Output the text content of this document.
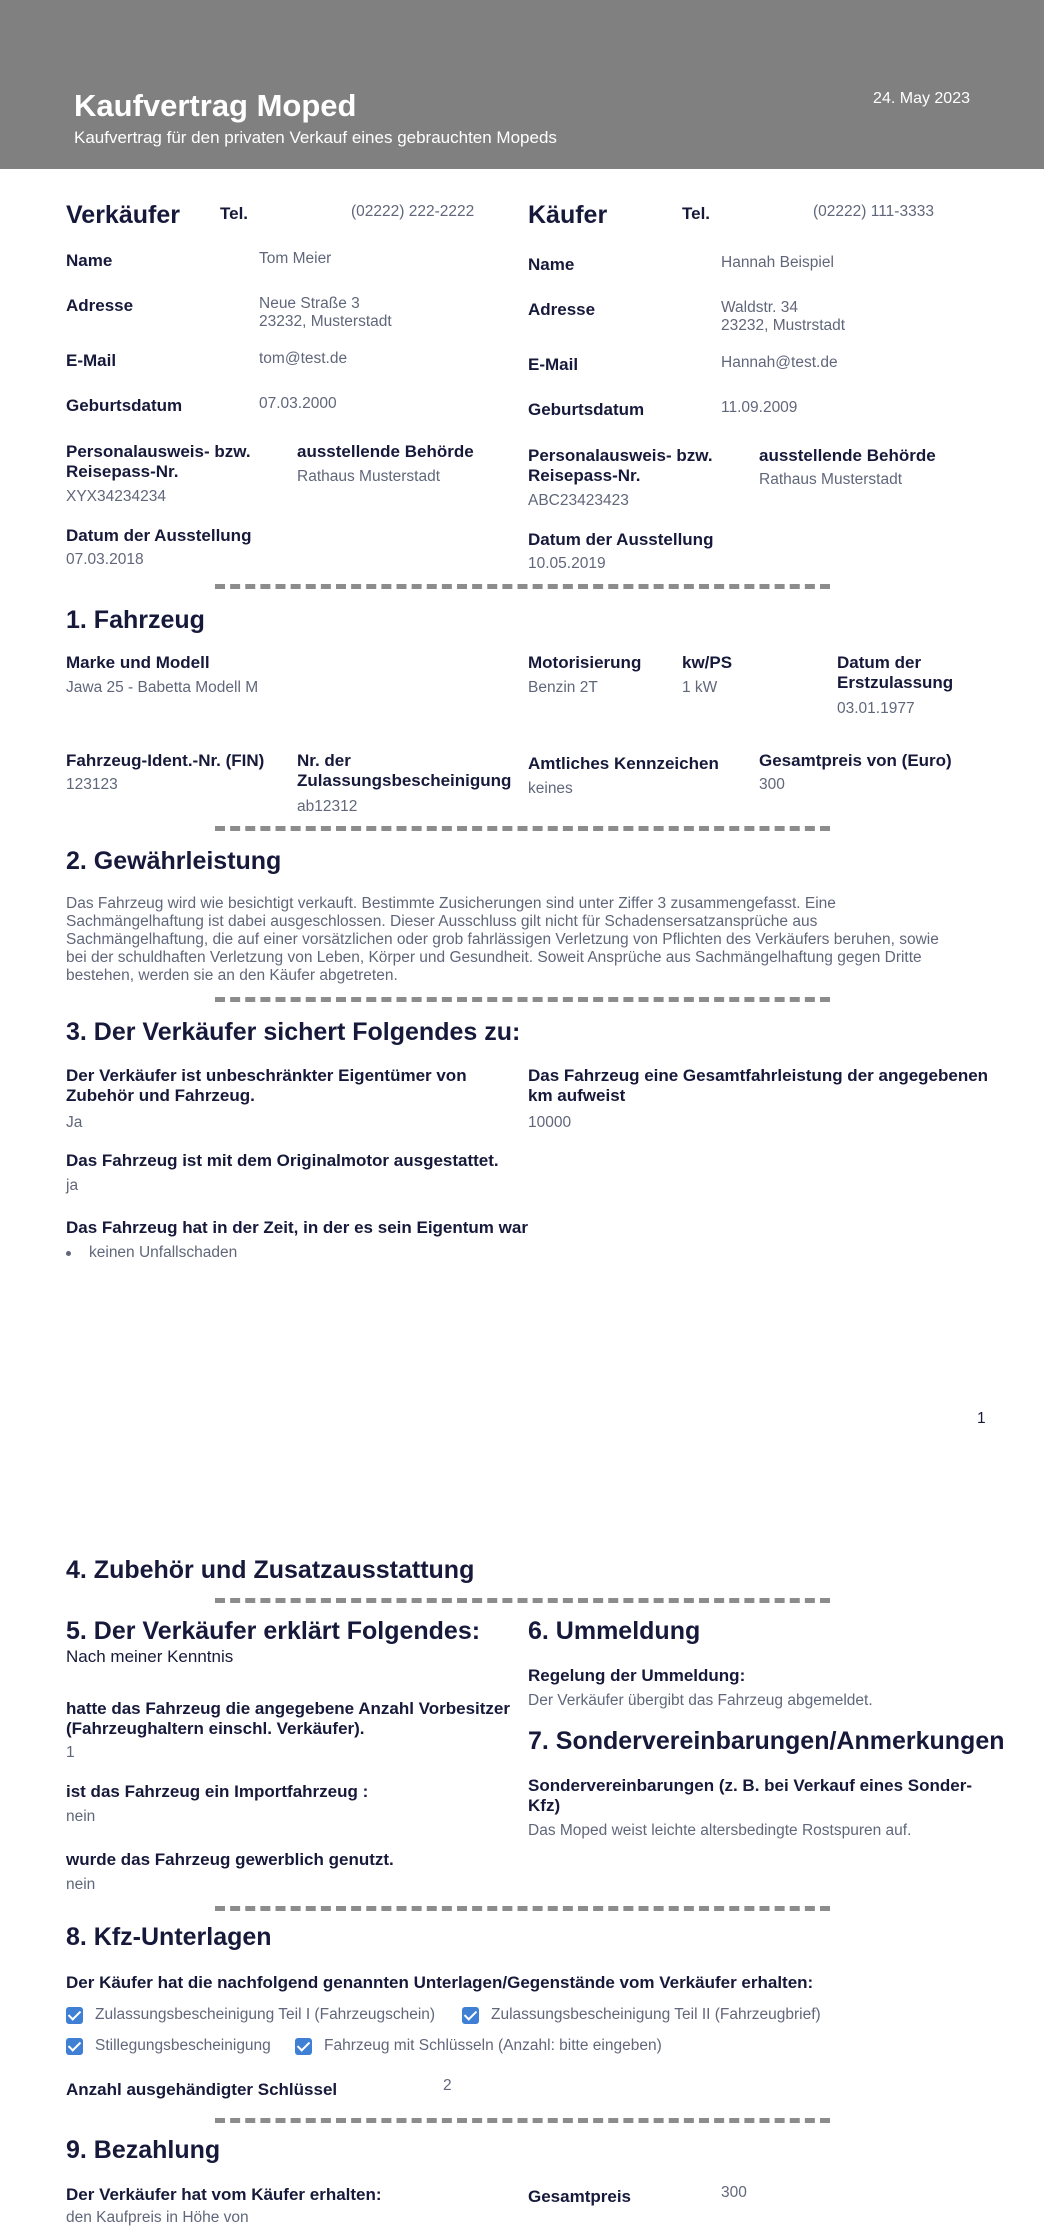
Kaufvertrag Moped
Kaufvertrag für den privaten Verkauf eines gebrauchten Mopeds
24. May 2023
Verkäufer Tel.	(02222) 222-2222
Name	Tom Meier
Adresse	Neue Straße 3
23232, Musterstadt
E-Mail	tom@test.de
Geburtsdatum	07.03.2000
Personalausweis- bzw.
Reisepass-Nr.
XYX34234234
ausstellende Behörde
Rathaus Musterstadt
Datum der Ausstellung
07.03.2018
Käufer	Tel.	(02222) 111-3333
Name	Hannah Beispiel
Adresse	Waldstr. 34
23232, Mustrstadt
E-Mail	Hannah@test.de
Geburtsdatum	11.09.2009
Personalausweis- bzw.
Reisepass-Nr.
ABC23423423
ausstellende Behörde
Rathaus Musterstadt
Datum der Ausstellung
10.05.2019
1. Fahrzeug
Marke und Modell
Jawa 25 - Babetta Modell M
Motorisierung
Benzin 2T
kw/PS
1 kW
Datum der
Erstzulassung
03.01.1977
Fahrzeug-Ident.-Nr. (FIN)
123123
Nr. der
Zulassungsbescheinigung
ab12312
Amtliches Kennzeichen
keines
Gesamtpreis von (Euro)
300
2. Gewährleistung
Das Fahrzeug wird wie besichtigt verkauft. Bestimmte Zusicherungen sind unter Ziffer 3 zusammengefasst. Eine
Sachmängelhaftung ist dabei ausgeschlossen. Dieser Ausschluss gilt nicht für Schadensersatzansprüche aus
Sachmängelhaftung, die auf einer vorsätzlichen oder grob fahrlässigen Verletzung von Pflichten des Verkäufers beruhen, sowie
bei der schuldhaften Verletzung von Leben, Körper und Gesundheit. Soweit Ansprüche aus Sachmängelhaftung gegen Dritte
bestehen, werden sie an den Käufer abgetreten.
3. Der Verkäufer sichert Folgendes zu:
Der Verkäufer ist unbeschränkter Eigentümer von
Zubehör und Fahrzeug.
Ja
Das Fahrzeug eine Gesamtfahrleistung der angegebenen
km aufweist
10000
Das Fahrzeug ist mit dem Originalmotor ausgestattet.
ja
Das Fahrzeug hat in der Zeit, in der es sein Eigentum war
keinen Unfallschaden
1
4. Zubehör und Zusatzausstattung
5. Der Verkäufer erklärt Folgendes:
Nach meiner Kenntnis
hatte das Fahrzeug die angegebene Anzahl Vorbesitzer
(Fahrzeughaltern einschl. Verkäufer).
1
ist das Fahrzeug ein Importfahrzeug :
nein
wurde das Fahrzeug gewerblich genutzt.
nein
6. Ummeldung
Regelung der Ummeldung:
Der Verkäufer übergibt das Fahrzeug abgemeldet.
7. Sondervereinbarungen/Anmerkungen
Sondervereinbarungen (z. B. bei Verkauf eines Sonder-
Kfz)
Das Moped weist leichte altersbedingte Rostspuren auf.
8. Kfz-Unterlagen
Der Käufer hat die nachfolgend genannten Unterlagen/Gegenstände vom Verkäufer erhalten:
Zulassungsbescheinigung Teil I (Fahrzeugschein)	Zulassungsbescheinigung Teil II (Fahrzeugbrief)
Stillegungsbescheinigung	Fahrzeug mit Schlüsseln (Anzahl: bitte eingeben)
Anzahl ausgehändigter Schlüssel	2
9. Bezahlung
Der Verkäufer hat vom Käufer erhalten:
den Kaufpreis in Höhe von
Gesamtpreis	300
